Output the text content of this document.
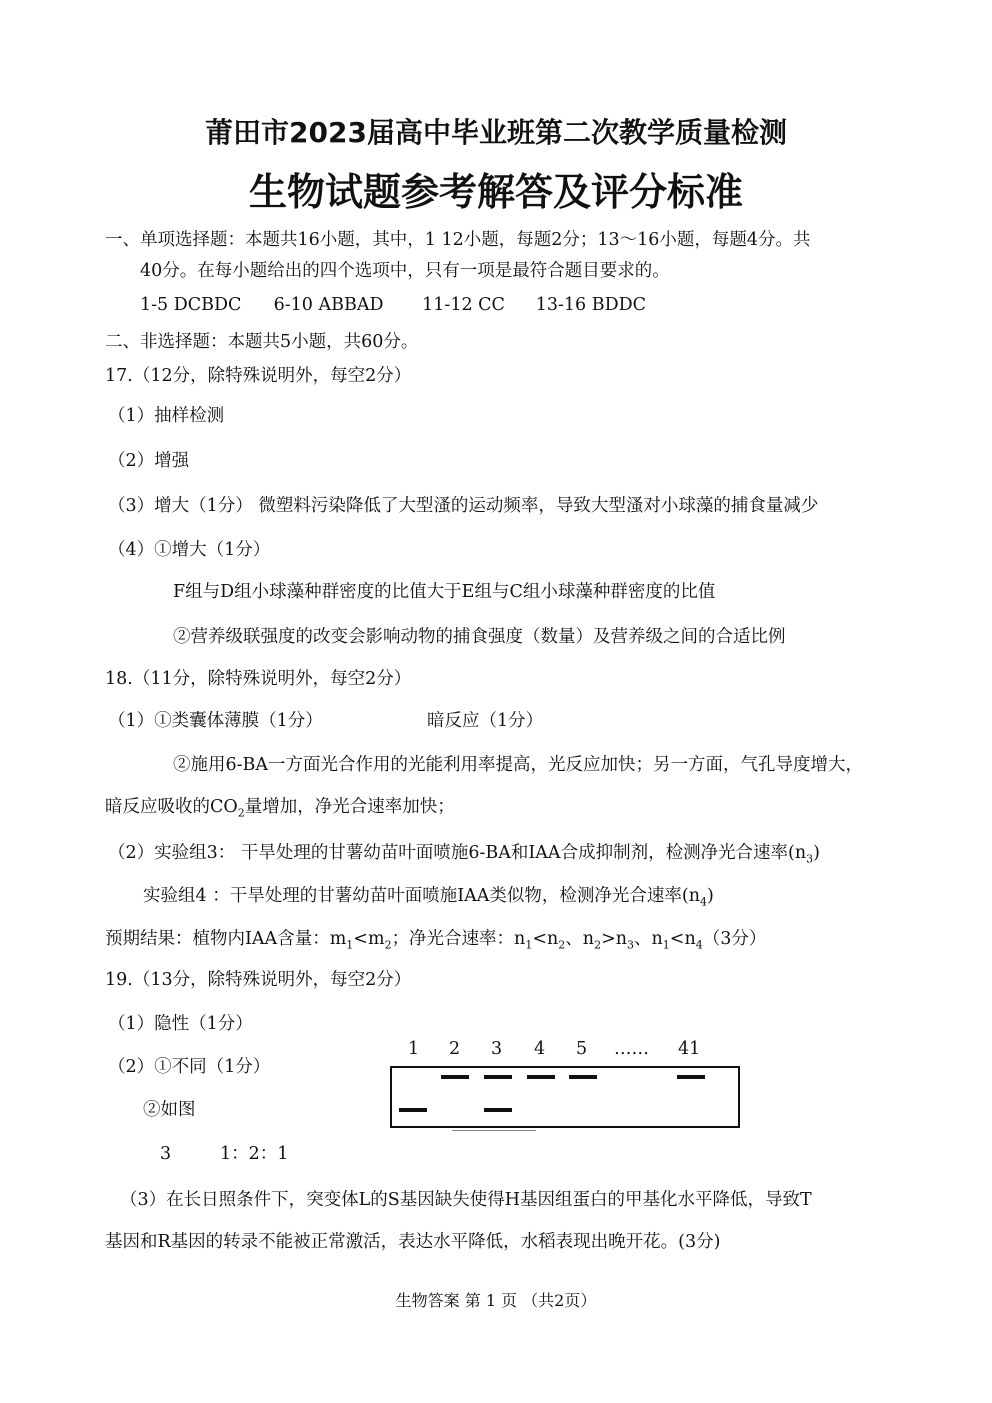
莆田市2023届高中毕业班第二次教学质量检测
生物试题参考解答及评分标准
一、单项选择题：本题共16小题，其中，1 12小题，每题2分；13～16小题，每题4分。共
40分。在每小题给出的四个选项中，只有一项是最符合题目要求的。
1-5 DCBDC 6-10 ABBAD 11-12 CC 13-16 BDDC
二、非选择题：本题共5小题，共60分。
17.（12分，除特殊说明外，每空2分）
（1）抽样检测
（2）增强
（3）增大（1分） 微塑料污染降低了大型溞的运动频率，导致大型溞对小球藻的捕食量减少
（4）①增大（1分）
F组与D组小球藻种群密度的比值大于E组与C组小球藻种群密度的比值
②营养级联强度的改变会影响动物的捕食强度（数量）及营养级之间的合适比例
18.（11分，除特殊说明外，每空2分）
（1）①类囊体薄膜（1分）	暗反应（1分）
②施用6-BA一方面光合作用的光能利用率提高，光反应加快；另一方面，气孔导度增大，
暗反应吸收的$CO_2$量增加，净光合速率加快；
（2）实验组3： 干旱处理的甘薯幼苗叶面喷施6-BA和IAA合成抑制剂，检测净光合速率$(n_3)$
实验组4 ：干旱处理的甘薯幼苗叶面喷施IAA类似物，检测净光合速率$(n_4)$
预期结果：植物内IAA含量：$m_1<m_2$；净光合速率：$n_1<n_2$、$n_2>n_3$、$n_1<n_4(3$分）
19.（13分，除特殊说明外，每空2分）
（1）隐性（1分）
（2）①不同（1分）
②如图
3	1：2：1
1 2 3 4 5 …… 41
（3）在长日照条件下，突变体L的S基因缺失使得H基因组蛋白的甲基化水平降低，导致T
基因和R基因的转录不能被正常激活，表达水平降低，水稻表现出晚开花。(3分)
生物答案 第 1 页 （共2页）
